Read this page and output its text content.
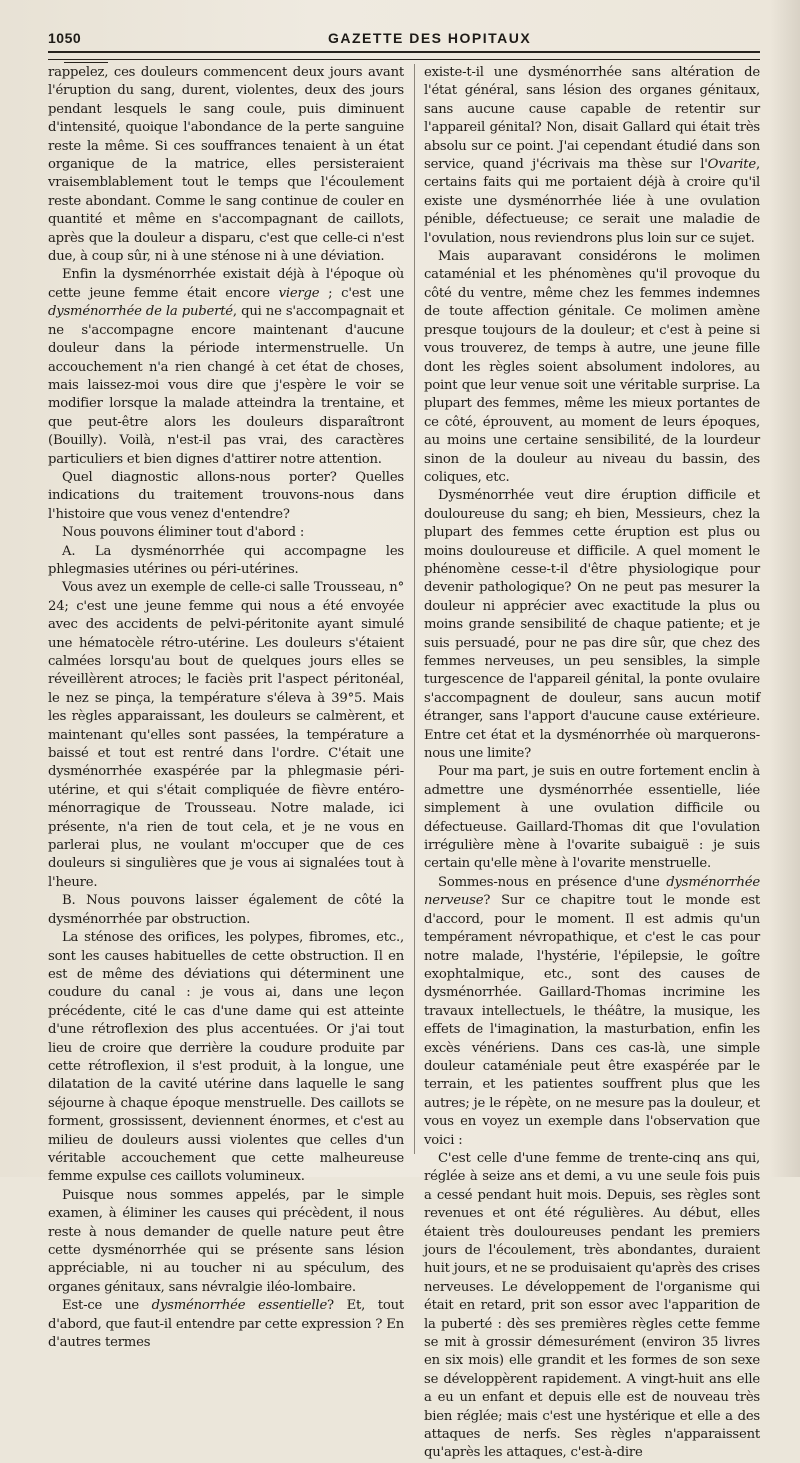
1050	GAZETTE DES HOPITAUX

rappelez, ces douleurs commencent deux jours avant l'éruption du sang, durent, violentes, deux des jours pendant lesquels le sang coule, puis diminuent d'intensité, quoique l'abondance de la perte sanguine reste la même. Si ces souffrances tenaient à un état organique de la matrice, elles persisteraient vraisemblablement tout le temps que l'écoulement reste abondant. Comme le sang continue de couler en quantité et même en s'accompagnant de caillots, après que la douleur a disparu, c'est que celle-ci n'est due, à coup sûr, ni à une sténose ni à une déviation.

Enfin la dysménorrhée existait déjà à l'époque où cette jeune femme était encore vierge ; c'est une dysménorrhée de la puberté, qui ne s'accompagnait et ne s'accompagne encore maintenant d'aucune douleur dans la période intermenstruelle. Un accouchement n'a rien changé à cet état de choses, mais laissez-moi vous dire que j'espère le voir se modifier lorsque la malade atteindra la trentaine, et que peut-être alors les douleurs disparaîtront (Bouilly). Voilà, n'est-il pas vrai, des caractères particuliers et bien dignes d'attirer notre attention.

Quel diagnostic allons-nous porter? Quelles indications du traitement trouvons-nous dans l'histoire que vous venez d'entendre?

Nous pouvons éliminer tout d'abord :

A. La dysménorrhée qui accompagne les phlegmasies utérines ou péri-utérines.

Vous avez un exemple de celle-ci salle Trousseau, n° 24; c'est une jeune femme qui nous a été envoyée avec des accidents de pelvi-péritonite ayant simulé une hématocèle rétro-utérine. Les douleurs s'étaient calmées lorsqu'au bout de quelques jours elles se réveillèrent atroces; le faciès prit l'aspect péritonéal, le nez se pinça, la température s'éleva à 39°5. Mais les règles apparaissant, les douleurs se calmèrent, et maintenant qu'elles sont passées, la température a baissé et tout est rentré dans l'ordre. C'était une dysménorrhée exaspérée par la phlegmasie péri-utérine, et qui s'était compliquée de fièvre entéro-ménorragique de Trousseau. Notre malade, ici présente, n'a rien de tout cela, et je ne vous en parlerai plus, ne voulant m'occuper que de ces douleurs si singulières que je vous ai signalées tout à l'heure.

B. Nous pouvons laisser également de côté la dysménorrhée par obstruction.

La sténose des orifices, les polypes, fibromes, etc., sont les causes habituelles de cette obstruction. Il en est de même des déviations qui déterminent une coudure du canal : je vous ai, dans une leçon précédente, cité le cas d'une dame qui est atteinte d'une rétroflexion des plus accentuées. Or j'ai tout lieu de croire que derrière la coudure produite par cette rétroflexion, il s'est produit, à la longue, une dilatation de la cavité utérine dans laquelle le sang séjourne à chaque époque menstruelle. Des caillots se forment, grossissent, deviennent énormes, et c'est au milieu de douleurs aussi violentes que celles d'un véritable accouchement que cette malheureuse femme expulse ces caillots volumineux.

Puisque nous sommes appelés, par le simple examen, à éliminer les causes qui précèdent, il nous reste à nous demander de quelle nature peut être cette dysménorrhée qui se présente sans lésion appréciable, ni au toucher ni au spéculum, des organes génitaux, sans névralgie iléo-lombaire.

Est-ce une dysménorrhée essentielle? Et, tout d'abord, que faut-il entendre par cette expression ? En d'autres termes

existe-t-il une dysménorrhée sans altération de l'état général, sans lésion des organes génitaux, sans aucune cause capable de retentir sur l'appareil génital? Non, disait Gallard qui était très absolu sur ce point. J'ai cependant étudié dans son service, quand j'écrivais ma thèse sur l'Ovarite, certains faits qui me portaient déjà à croire qu'il existe une dysménorrhée liée à une ovulation pénible, défectueuse; ce serait une maladie de l'ovulation, nous reviendrons plus loin sur ce sujet.

Mais auparavant considérons le molimen cataménial et les phénomènes qu'il provoque du côté du ventre, même chez les femmes indemnes de toute affection génitale. Ce molimen amène presque toujours de la douleur; et c'est à peine si vous trouverez, de temps à autre, une jeune fille dont les règles soient absolument indolores, au point que leur venue soit une véritable surprise. La plupart des femmes, même les mieux portantes de ce côté, éprouvent, au moment de leurs époques, au moins une certaine sensibilité, de la lourdeur sinon de la douleur au niveau du bassin, des coliques, etc.

Dysménorrhée veut dire éruption difficile et douloureuse du sang; eh bien, Messieurs, chez la plupart des femmes cette éruption est plus ou moins douloureuse et difficile. A quel moment le phénomène cesse-t-il d'être physiologique pour devenir pathologique? On ne peut pas mesurer la douleur ni apprécier avec exactitude la plus ou moins grande sensibilité de chaque patiente; et je suis persuadé, pour ne pas dire sûr, que chez des femmes nerveuses, un peu sensibles, la simple turgescence de l'appareil génital, la ponte ovulaire s'accompagnent de douleur, sans aucun motif étranger, sans l'apport d'aucune cause extérieure. Entre cet état et la dysménorrhée où marquerons-nous une limite?

Pour ma part, je suis en outre fortement enclin à admettre une dysménorrhée essentielle, liée simplement à une ovulation difficile ou défectueuse. Gaillard-Thomas dit que l'ovulation irrégulière mène à l'ovarite subaiguë : je suis certain qu'elle mène à l'ovarite menstruelle.

Sommes-nous en présence d'une dysménorrhée nerveuse? Sur ce chapitre tout le monde est d'accord, pour le moment. Il est admis qu'un tempérament névropathique, et c'est le cas pour notre malade, l'hystérie, l'épilepsie, le goître exophtalmique, etc., sont des causes de dysménorrhée. Gaillard-Thomas incrimine les travaux intellectuels, le théâtre, la musique, les effets de l'imagination, la masturbation, enfin les excès vénériens. Dans ces cas-là, une simple douleur cataméniale peut être exaspérée par le terrain, et les patientes souffrent plus que les autres; je le répète, on ne mesure pas la douleur, et vous en voyez un exemple dans l'observation que voici :

C'est celle d'une femme de trente-cinq ans qui, réglée à seize ans et demi, a vu une seule fois puis a cessé pendant huit mois. Depuis, ses règles sont revenues et ont été régulières. Au début, elles étaient très douloureuses pendant les premiers jours de l'écoulement, très abondantes, duraient huit jours, et ne se produisaient qu'après des crises nerveuses. Le développement de l'organisme qui était en retard, prit son essor avec l'apparition de la puberté : dès ses premières règles cette femme se mit à grossir démesurément (environ 35 livres en six mois) elle grandit et les formes de son sexe se développèrent rapidement. A vingt-huit ans elle a eu un enfant et depuis elle est de nouveau très bien réglée; mais c'est une hystérique et elle a des attaques de nerfs. Ses règles n'apparaissent qu'après les attaques, c'est-à-dire
